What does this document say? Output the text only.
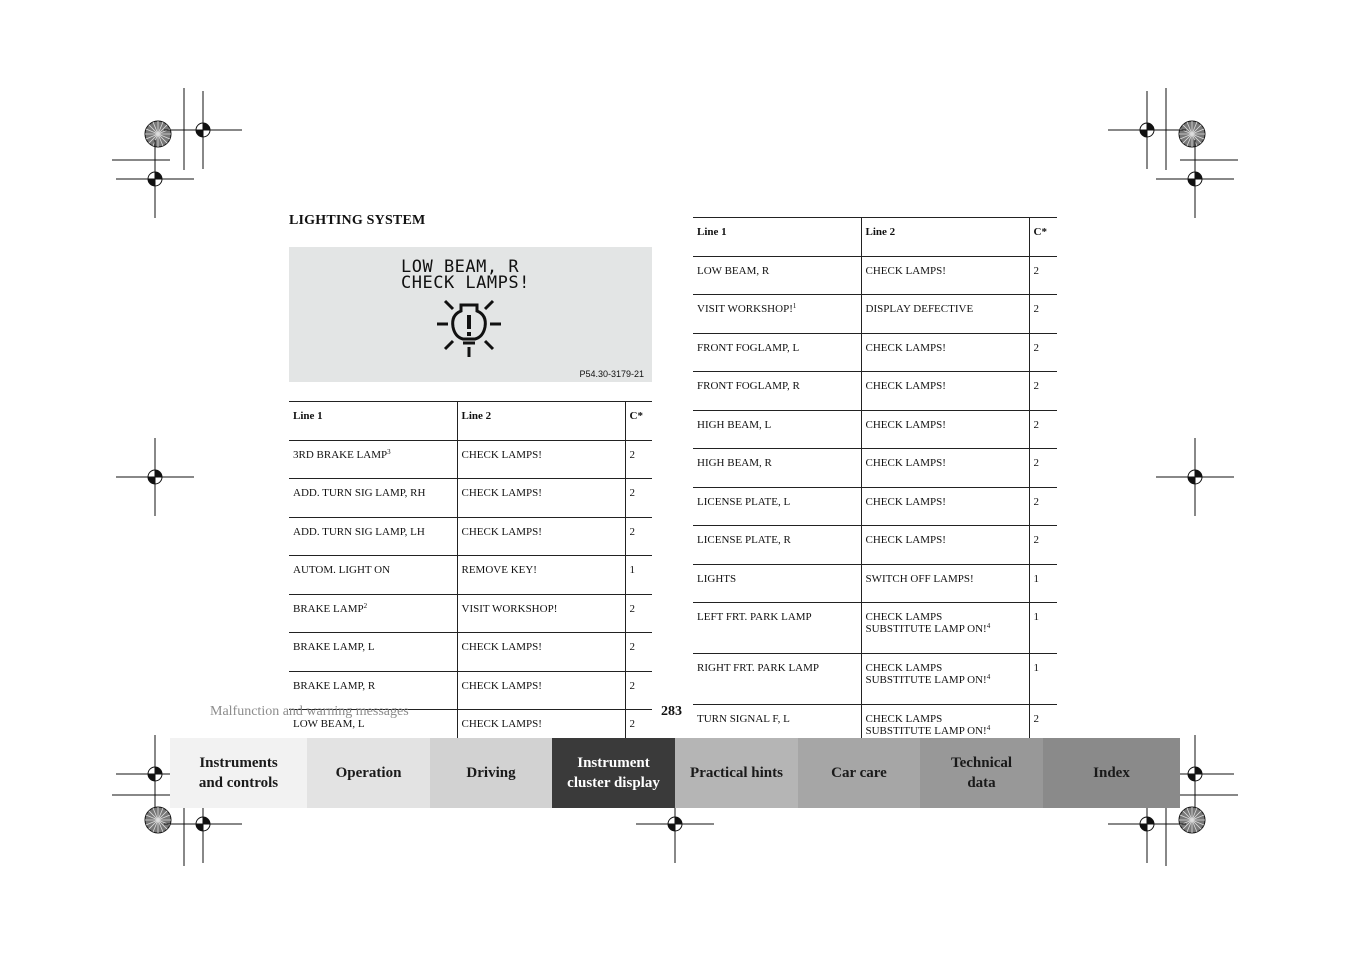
LIGHTING SYSTEM
LOW BEAM, R
CHECK LAMPS!
P54.30-3179-21
Line 1	Line 2	C*
3RD BRAKE LAMP$^3$	CHECK LAMPS!	2
ADD. TURN SIG LAMP, RH	CHECK LAMPS!	2
ADD. TURN SIG LAMP, LH	CHECK LAMPS!	2
AUTOM. LIGHT ON	REMOVE KEY!	1
BRAKE LAMP$^2$	VISIT WORKSHOP!	2
BRAKE LAMP, L	CHECK LAMPS!	2
BRAKE LAMP, R	CHECK LAMPS!	2
LOW BEAM, L	CHECK LAMPS!	2
Line 1	Line 2	C*
LOW BEAM, R	CHECK LAMPS!	2
VISIT WORKSHOP!$^1$	DISPLAY DEFECTIVE	2
FRONT FOGLAMP, L	CHECK LAMPS!	2
FRONT FOGLAMP, R	CHECK LAMPS!	2
HIGH BEAM, L	CHECK LAMPS!	2
HIGH BEAM, R	CHECK LAMPS!	2
LICENSE PLATE, L	CHECK LAMPS!	2
LICENSE PLATE, R	CHECK LAMPS!	2
LIGHTS	SWITCH OFF LAMPS!	1
LEFT FRT. PARK LAMP	CHECK LAMPS
SUBSTITUTE LAMP ON!$^4$	1
RIGHT FRT. PARK LAMP	CHECK LAMPS
SUBSTITUTE LAMP ON!$^4$	1
TURN SIGNAL F, L	CHECK LAMPS
SUBSTITUTE LAMP ON!$^4$	2
Malfunction and warning messages	283
Instruments
and controls
Operation	Driving
Instrument
cluster display
Practical hints	Car care
Technical
data
Index
